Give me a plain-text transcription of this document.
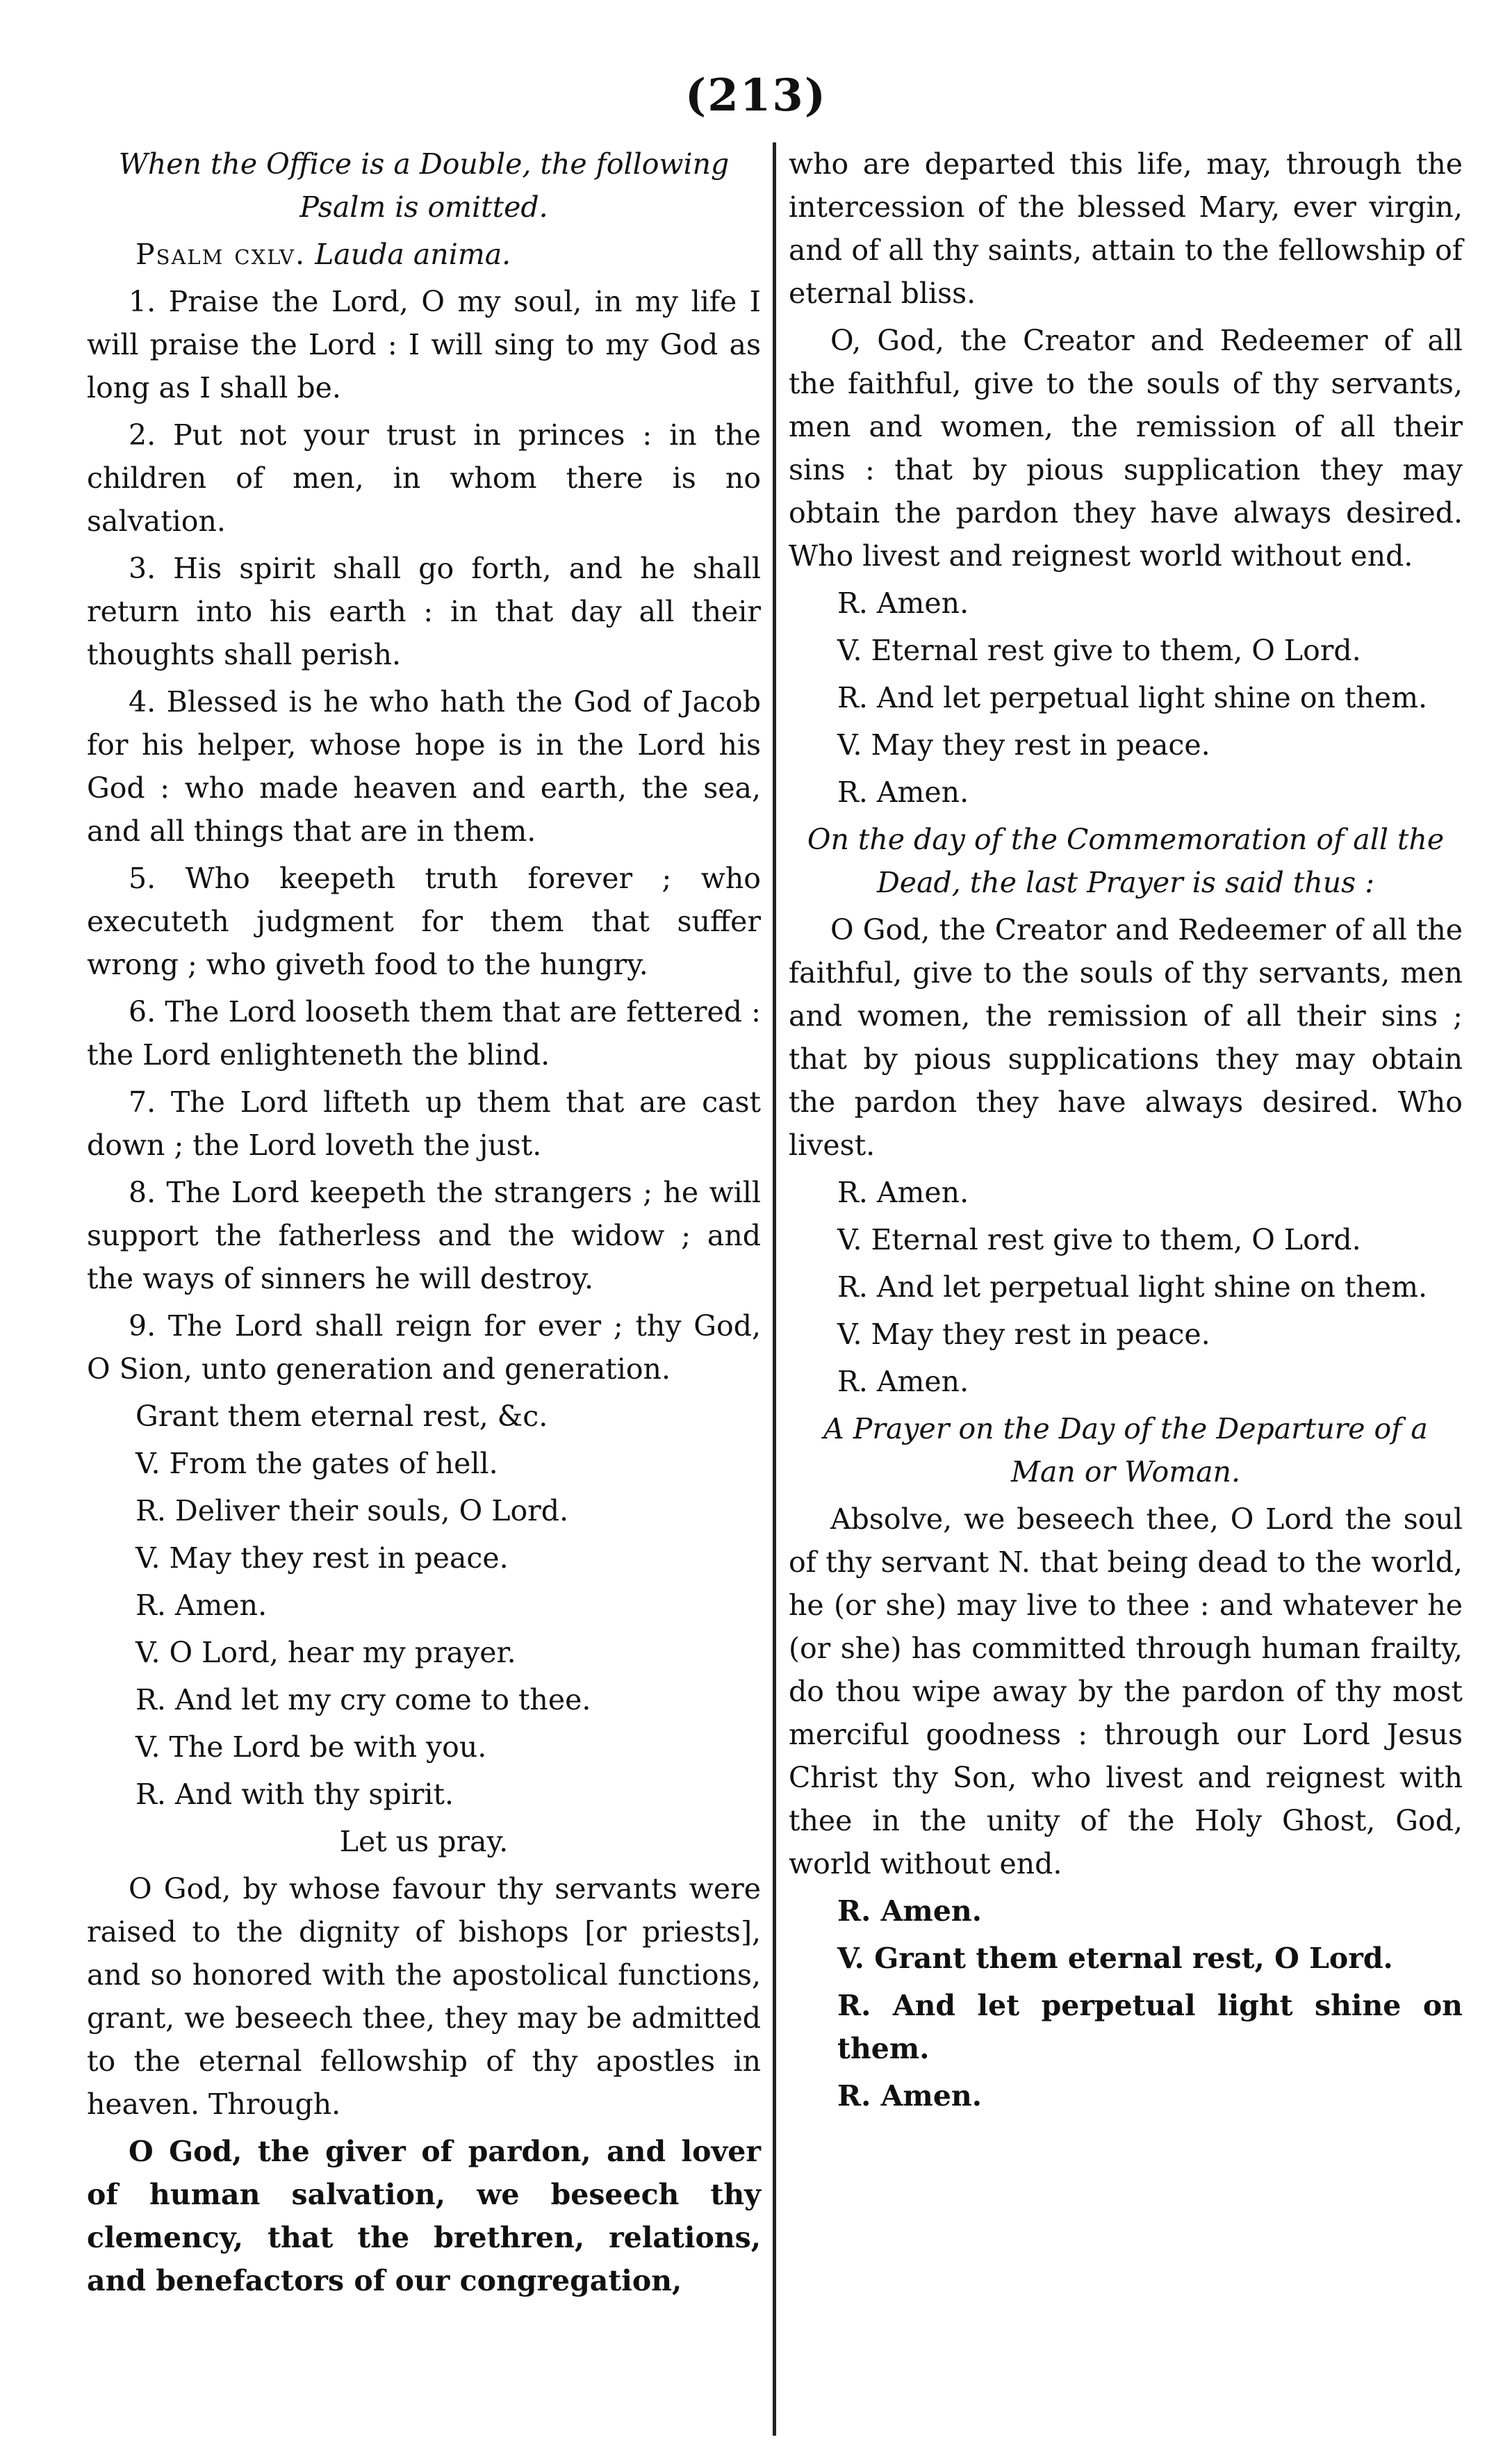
(213)

When the Office is a Double, the following Psalm is omitted.

Psalm cxlv. Lauda anima.

1. Praise the Lord, O my soul, in my life I will praise the Lord : I will sing to my God as long as I shall be.

2. Put not your trust in princes : in the children of men, in whom there is no salvation.

3. His spirit shall go forth, and he shall return into his earth : in that day all their thoughts shall perish.

4. Blessed is he who hath the God of Jacob for his helper, whose hope is in the Lord his God : who made heaven and earth, the sea, and all things that are in them.

5. Who keepeth truth forever ; who executeth judgment for them that suffer wrong ; who giveth food to the hungry.

6. The Lord looseth them that are fettered : the Lord enlighteneth the blind.

7. The Lord lifteth up them that are cast down ; the Lord loveth the just.

8. The Lord keepeth the strangers ; he will support the fatherless and the widow ; and the ways of sinners he will destroy.

9. The Lord shall reign for ever ; thy God, O Sion, unto generation and generation.

Grant them eternal rest, &c.

V. From the gates of hell.

R. Deliver their souls, O Lord.

V. May they rest in peace.

R. Amen.

V. O Lord, hear my prayer.

R. And let my cry come to thee.

V. The Lord be with you.

R. And with thy spirit.

Let us pray.

O God, by whose favour thy servants were raised to the dignity of bishops [or priests], and so honored with the apostolical functions, grant, we beseech thee, they may be admitted to the eternal fellowship of thy apostles in heaven. Through.

O God, the giver of pardon, and lover of human salvation, we beseech thy clemency, that the brethren, relations, and benefactors of our congregation,

who are departed this life, may, through the intercession of the blessed Mary, ever virgin, and of all thy saints, attain to the fellowship of eternal bliss.

O, God, the Creator and Redeemer of all the faithful, give to the souls of thy servants, men and women, the remission of all their sins : that by pious supplication they may obtain the pardon they have always desired. Who livest and reignest world without end.

R. Amen.

V. Eternal rest give to them, O Lord.

R. And let perpetual light shine on them.

V. May they rest in peace.

R. Amen.

On the day of the Commemoration of all the Dead, the last Prayer is said thus :

O God, the Creator and Redeemer of all the faithful, give to the souls of thy servants, men and women, the remission of all their sins ; that by pious supplications they may obtain the pardon they have always desired. Who livest.

R. Amen.

V. Eternal rest give to them, O Lord.

R. And let perpetual light shine on them.

V. May they rest in peace.

R. Amen.

A Prayer on the Day of the Departure of a Man or Woman.

Absolve, we beseech thee, O Lord the soul of thy servant N. that being dead to the world, he (or she) may live to thee : and whatever he (or she) has committed through human frailty, do thou wipe away by the pardon of thy most merciful goodness : through our Lord Jesus Christ thy Son, who livest and reignest with thee in the unity of the Holy Ghost, God, world without end.

R. Amen.

V. Grant them eternal rest, O Lord.

R. And let perpetual light shine on them.

R. Amen.
